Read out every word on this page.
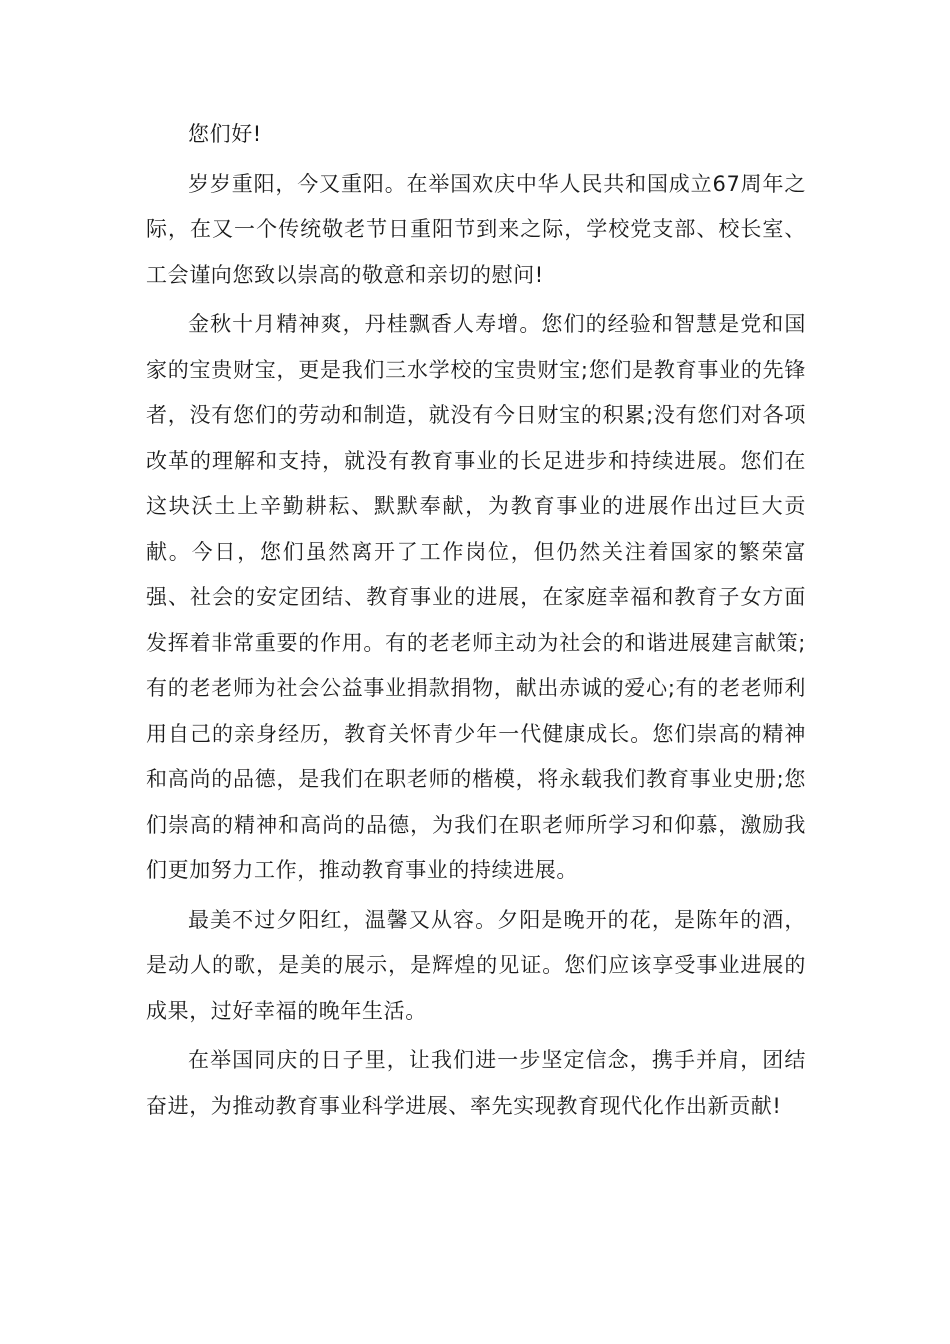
您们好!

岁岁重阳，今又重阳。在举国欢庆中华人民共和国成立67周年之际，在又一个传统敬老节日重阳节到来之际，学校党支部、校长室、工会谨向您致以崇高的敬意和亲切的慰问!

金秋十月精神爽，丹桂飘香人寿增。您们的经验和智慧是党和国家的宝贵财宝，更是我们三水学校的宝贵财宝;您们是教育事业的先锋者，没有您们的劳动和制造，就没有今日财宝的积累;没有您们对各项改革的理解和支持，就没有教育事业的长足进步和持续进展。您们在这块沃土上辛勤耕耘、默默奉献，为教育事业的进展作出过巨大贡献。今日，您们虽然离开了工作岗位，但仍然关注着国家的繁荣富强、社会的安定团结、教育事业的进展，在家庭幸福和教育子女方面发挥着非常重要的作用。有的老老师主动为社会的和谐进展建言献策;有的老老师为社会公益事业捐款捐物，献出赤诚的爱心;有的老老师利用自己的亲身经历，教育关怀青少年一代健康成长。您们崇高的精神和高尚的品德，是我们在职老师的楷模，将永载我们教育事业史册;您们崇高的精神和高尚的品德，为我们在职老师所学习和仰慕，激励我们更加努力工作，推动教育事业的持续进展。

最美不过夕阳红，温馨又从容。夕阳是晚开的花，是陈年的酒，是动人的歌，是美的展示，是辉煌的见证。您们应该享受事业进展的成果，过好幸福的晚年生活。

在举国同庆的日子里，让我们进一步坚定信念，携手并肩，团结奋进，为推动教育事业科学进展、率先实现教育现代化作出新贡献!
